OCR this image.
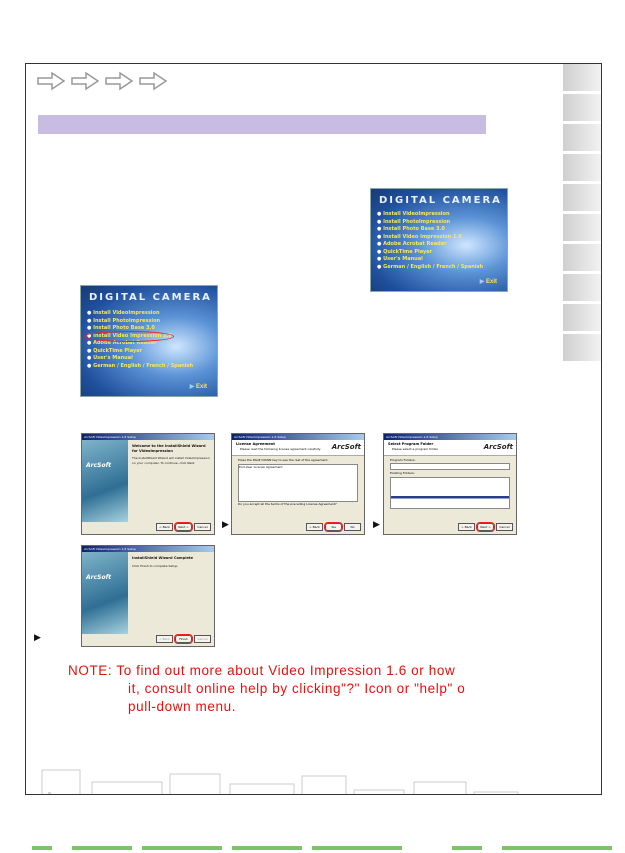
DIGITAL CAMERA
● Install VideoImpression
● Install PhotoImpression
● Install Photo Base 3.0
● Install Video Impression 1.6
● Adobe Acrobat Reader
● QuickTime Player
● User's Manual
● German / English / French / Spanish
▶ Exit
DIGITAL CAMERA
● Install VideoImpression
● Install PhotoImpression
● Install Photo Base 3.0
● Install Video Impression 1.6
● Adobe Acrobat Reader
● QuickTime Player
● User's Manual
● German / English / French / Spanish
▶ Exit
ArcSoft VideoImpression 1.6 Setup
ArcSoft
Welcome to the InstallShield Wizard for VideoImpression
The InstallShield Wizard will install VideoImpression on your computer. To continue, click Next.
< Back	Next >	Cancel	▶
ArcSoft VideoImpression 1.6 Setup
License Agreement
Please read the following license agreement carefully. ArcSoft
Press the PAGE DOWN key to see the rest of the agreement.
End-User License Agreement
Do you accept all the terms of the preceding License Agreement?
< Back	Yes	No	▶
ArcSoft VideoImpression 1.6 Setup
Select Program Folder
Please select a program folder.	ArcSoft
Program Folders:
Existing Folders:
< Back	Next >	Cancel
ArcSoft VideoImpression 1.6 Setup
ArcSoft
InstallShield Wizard Complete
Click Finish to complete Setup.
< Back	Finish	Cancel
▶
NOTE: To find out more about Video Impression 1.6 or how
it, consult online help by clicking"?" Icon or "help" o
pull-down menu.
